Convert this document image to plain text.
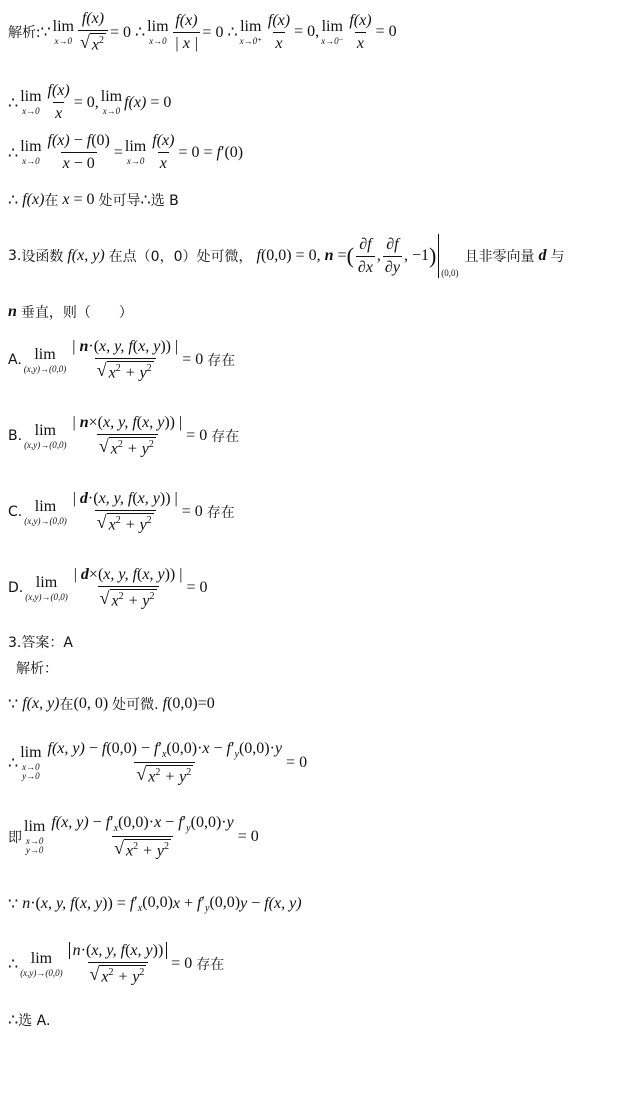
解析 :∵ lim
$x\to 0 \frac{f(x)}{√ x^2} = 0$ ∴ lim
$x\to 0 \frac{f(x)}{| x |} = 0$ ∴ lim
$x\to 0^+ \frac{f(x)}{x} = 0$, lim
$x\to 0^- \frac{f(x)}{x} = 0$
∴ lim
$x\to 0 \frac{f(x)}{x} = 0$, lim
x→0
f(x) = 0
∴ lim
$x\to 0 \frac{f(x) - f(0)}{x - 0} = \lim$
$x\to 0 \frac{f(x)}{x} = 0 = f$ ′(0)
∴ f(x) 在 x = 0 处可导 ∴ 选 B
3. 设函数 f(x, y) 在点（0，0）处可微， f (0,0) = 0, n = ( $\frac{\partial f}{\partial x}$ , $\frac{\partial f}{\partial y}$ , −1 )
(0,0)
且非零向量 d 与
n 垂直，则（　　）
A. lim
$(x,y)\to(0,0) \frac{| n\cdot(x, y, f(x, y)) |}{√ x^2 + y^2} = 0$ 存在
B. lim
$(x,y)\to(0,0) \frac{| n\times(x, y, f(x, y)) |}{√ x^2 + y^2} = 0$ 存在
C. lim
$(x,y)\to(0,0) \frac{| d\cdot(x, y, f(x, y)) |}{√ x^2 + y^2} = 0$ 存在
D. lim
$(x,y)\to(0,0) \frac{| d\times(x, y, f(x, y)) |}{√ x^2 + y^2} = 0$
3.答案：A
解析：
∵ f(x, y) 在 (0, 0) 处可微. f (0,0)=0
∴
lim
x→0
$y\to 0 \frac{f(x, y) - f(0,0) - f'_x(0,0)\cdot x - f'_y(0,0)\cdot y}{√ x^2 + y^2} = 0$
即
lim
x→0
$y\to 0 \frac{f(x, y) - f'_x(0,0)\cdot x - f'_y(0,0)\cdot y}{√ x^2 + y^2} = 0$
∵ n ·( x, y, f ( x, y )) = f $'_x(0,0) x + f$ $'_y(0,0) y - f(x$, y)
∴ lim
$(x,y)\to(0,0) \frac{n\cdot(x, y, f(x, y))}{√ x^2 + y^2} = 0$ 存在
∴ 选 A.
